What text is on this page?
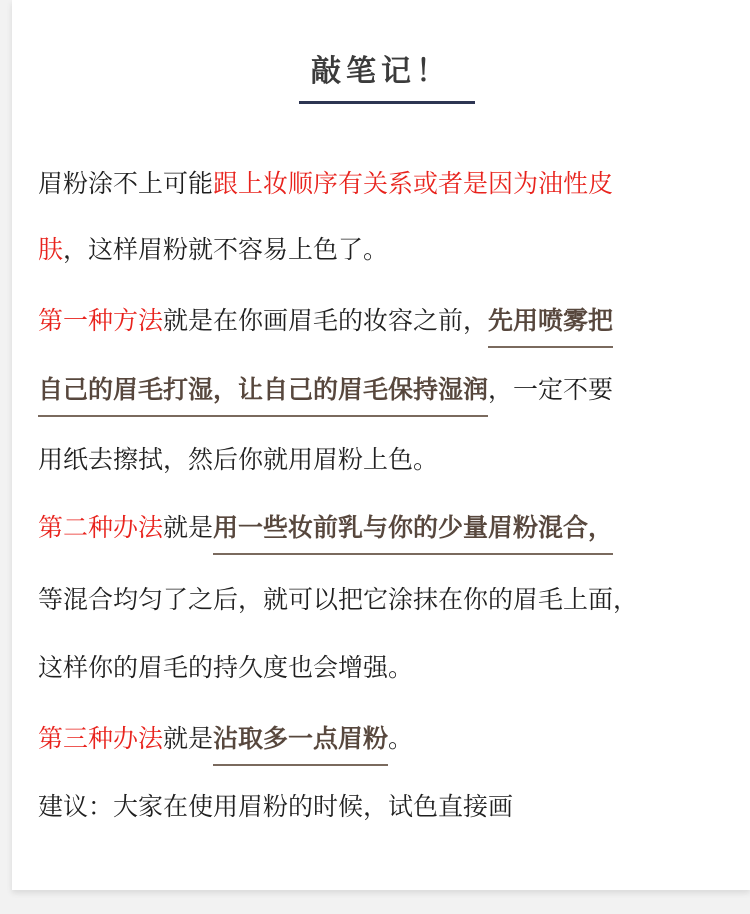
敲笔记！

眉粉涂不上可能跟上妆顺序有关系或者是因为油性皮

肤，这样眉粉就不容易上色了。

第一种方法就是在你画眉毛的妆容之前，先用喷雾把

自己的眉毛打湿，让自己的眉毛保持湿润，一定不要

用纸去擦拭，然后你就用眉粉上色。

第二种办法就是用一些妆前乳与你的少量眉粉混合，

等混合均匀了之后，就可以把它涂抹在你的眉毛上面，

这样你的眉毛的持久度也会增强。

第三种办法就是沾取多一点眉粉。

建议：大家在使用眉粉的时候，试色直接画
